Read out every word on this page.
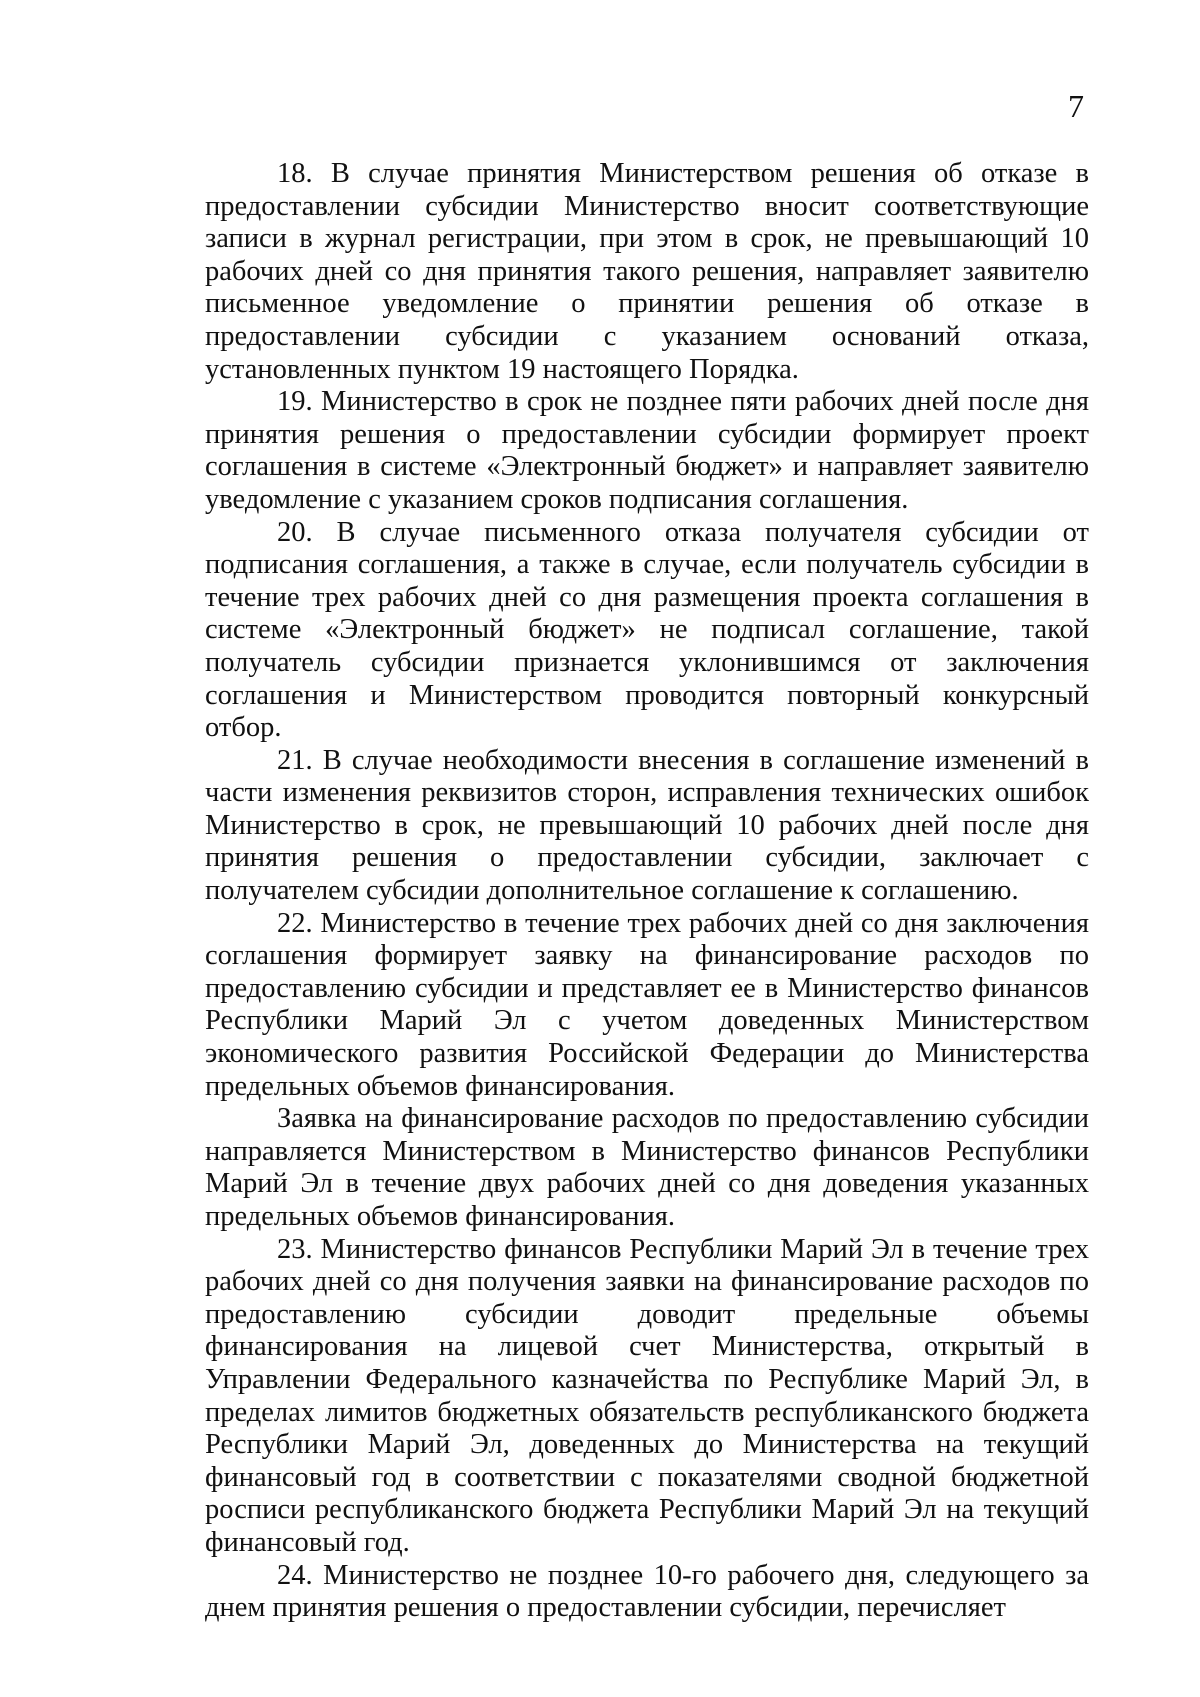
7

18. В случае принятия Министерством решения об отказе в предоставлении субсидии Министерство вносит соответствующие записи в журнал регистрации, при этом в срок, не превышающий 10 рабочих дней со дня принятия такого решения, направляет заявителю письменное уведомление о принятии решения об отказе в предоставлении субсидии с указанием оснований отказа, установленных пунктом 19 настоящего Порядка.

19. Министерство в срок не позднее пяти рабочих дней после дня принятия решения о предоставлении субсидии формирует проект соглашения в системе «Электронный бюджет» и направляет заявителю уведомление с указанием сроков подписания соглашения.

20. В случае письменного отказа получателя субсидии от подписания соглашения, а также в случае, если получатель субсидии в течение трех рабочих дней со дня размещения проекта соглашения в системе «Электронный бюджет» не подписал соглашение, такой получатель субсидии признается уклонившимся от заключения соглашения и Министерством проводится повторный конкурсный отбор.

21. В случае необходимости внесения в соглашение изменений в части изменения реквизитов сторон, исправления технических ошибок Министерство в срок, не превышающий 10 рабочих дней после дня принятия решения о предоставлении субсидии, заключает с получателем субсидии дополнительное соглашение к соглашению.

22. Министерство в течение трех рабочих дней со дня заключения соглашения формирует заявку на финансирование расходов по предоставлению субсидии и представляет ее в Министерство финансов Республики Марий Эл с учетом доведенных Министерством экономического развития Российской Федерации до Министерства предельных объемов финансирования.

Заявка на финансирование расходов по предоставлению субсидии направляется Министерством в Министерство финансов Республики Марий Эл в течение двух рабочих дней со дня доведения указанных предельных объемов финансирования.

23. Министерство финансов Республики Марий Эл в течение трех рабочих дней со дня получения заявки на финансирование расходов по предоставлению субсидии доводит предельные объемы финансирования на лицевой счет Министерства, открытый в Управлении Федерального казначейства по Республике Марий Эл, в пределах лимитов бюджетных обязательств республиканского бюджета Республики Марий Эл, доведенных до Министерства на текущий финансовый год в соответствии с показателями сводной бюджетной росписи республиканского бюджета Республики Марий Эл на текущий финансовый год.

24. Министерство не позднее 10-го рабочего дня, следующего за днем принятия решения о предоставлении субсидии, перечисляет
